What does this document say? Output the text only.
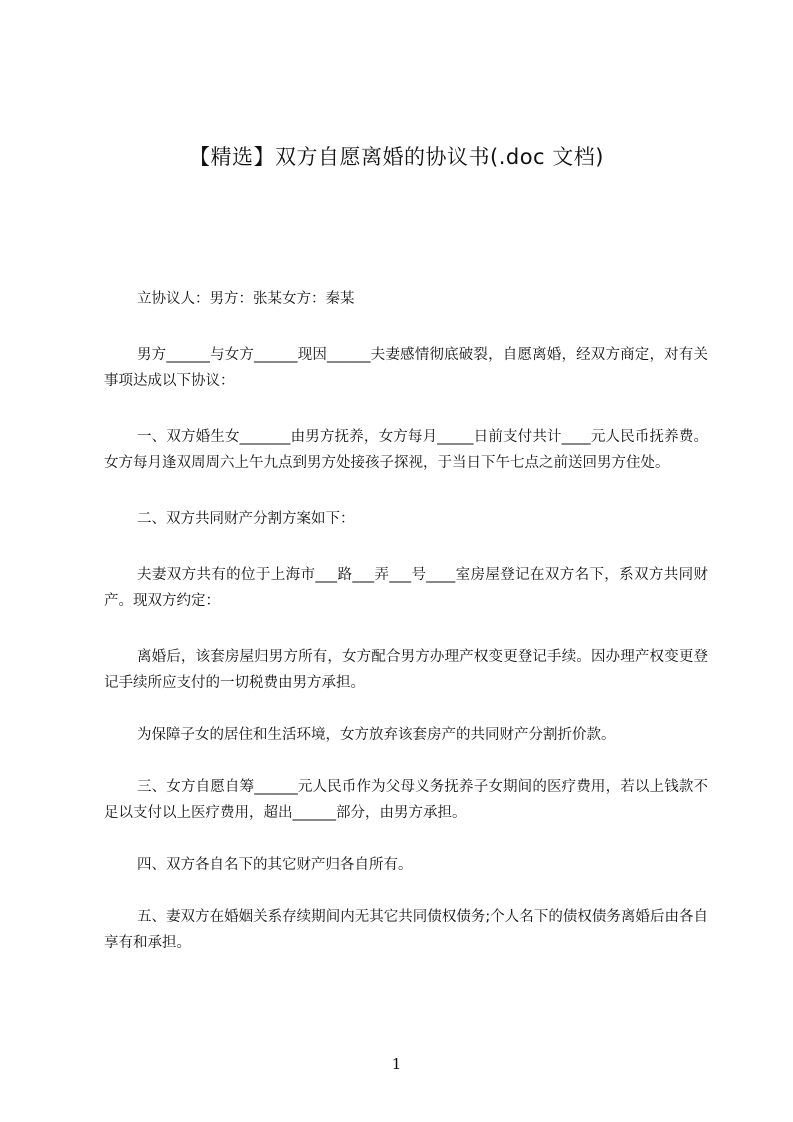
【精选】双方自愿离婚的协议书(.doc 文档)

立协议人：男方：张某女方：秦某

男方______与女方______现因______夫妻感情彻底破裂，自愿离婚，经双方商定，对有关事项达成以下协议：

一、双方婚生女_______由男方抚养，女方每月_____日前支付共计____元人民币抚养费。女方每月逢双周周六上午九点到男方处接孩子探视，于当日下午七点之前送回男方住处。

二、双方共同财产分割方案如下：

夫妻双方共有的位于上海市___路___弄___号____室房屋登记在双方名下，系双方共同财产。现双方约定：

离婚后，该套房屋归男方所有，女方配合男方办理产权变更登记手续。因办理产权变更登记手续所应支付的一切税费由男方承担。

为保障子女的居住和生活环境，女方放弃该套房产的共同财产分割折价款。

三、女方自愿自筹______元人民币作为父母义务抚养子女期间的医疗费用，若以上钱款不足以支付以上医疗费用，超出______部分，由男方承担。

四、双方各自名下的其它财产归各自所有。

五、妻双方在婚姻关系存续期间内无其它共同债权债务;个人名下的债权债务离婚后由各自享有和承担。

1
